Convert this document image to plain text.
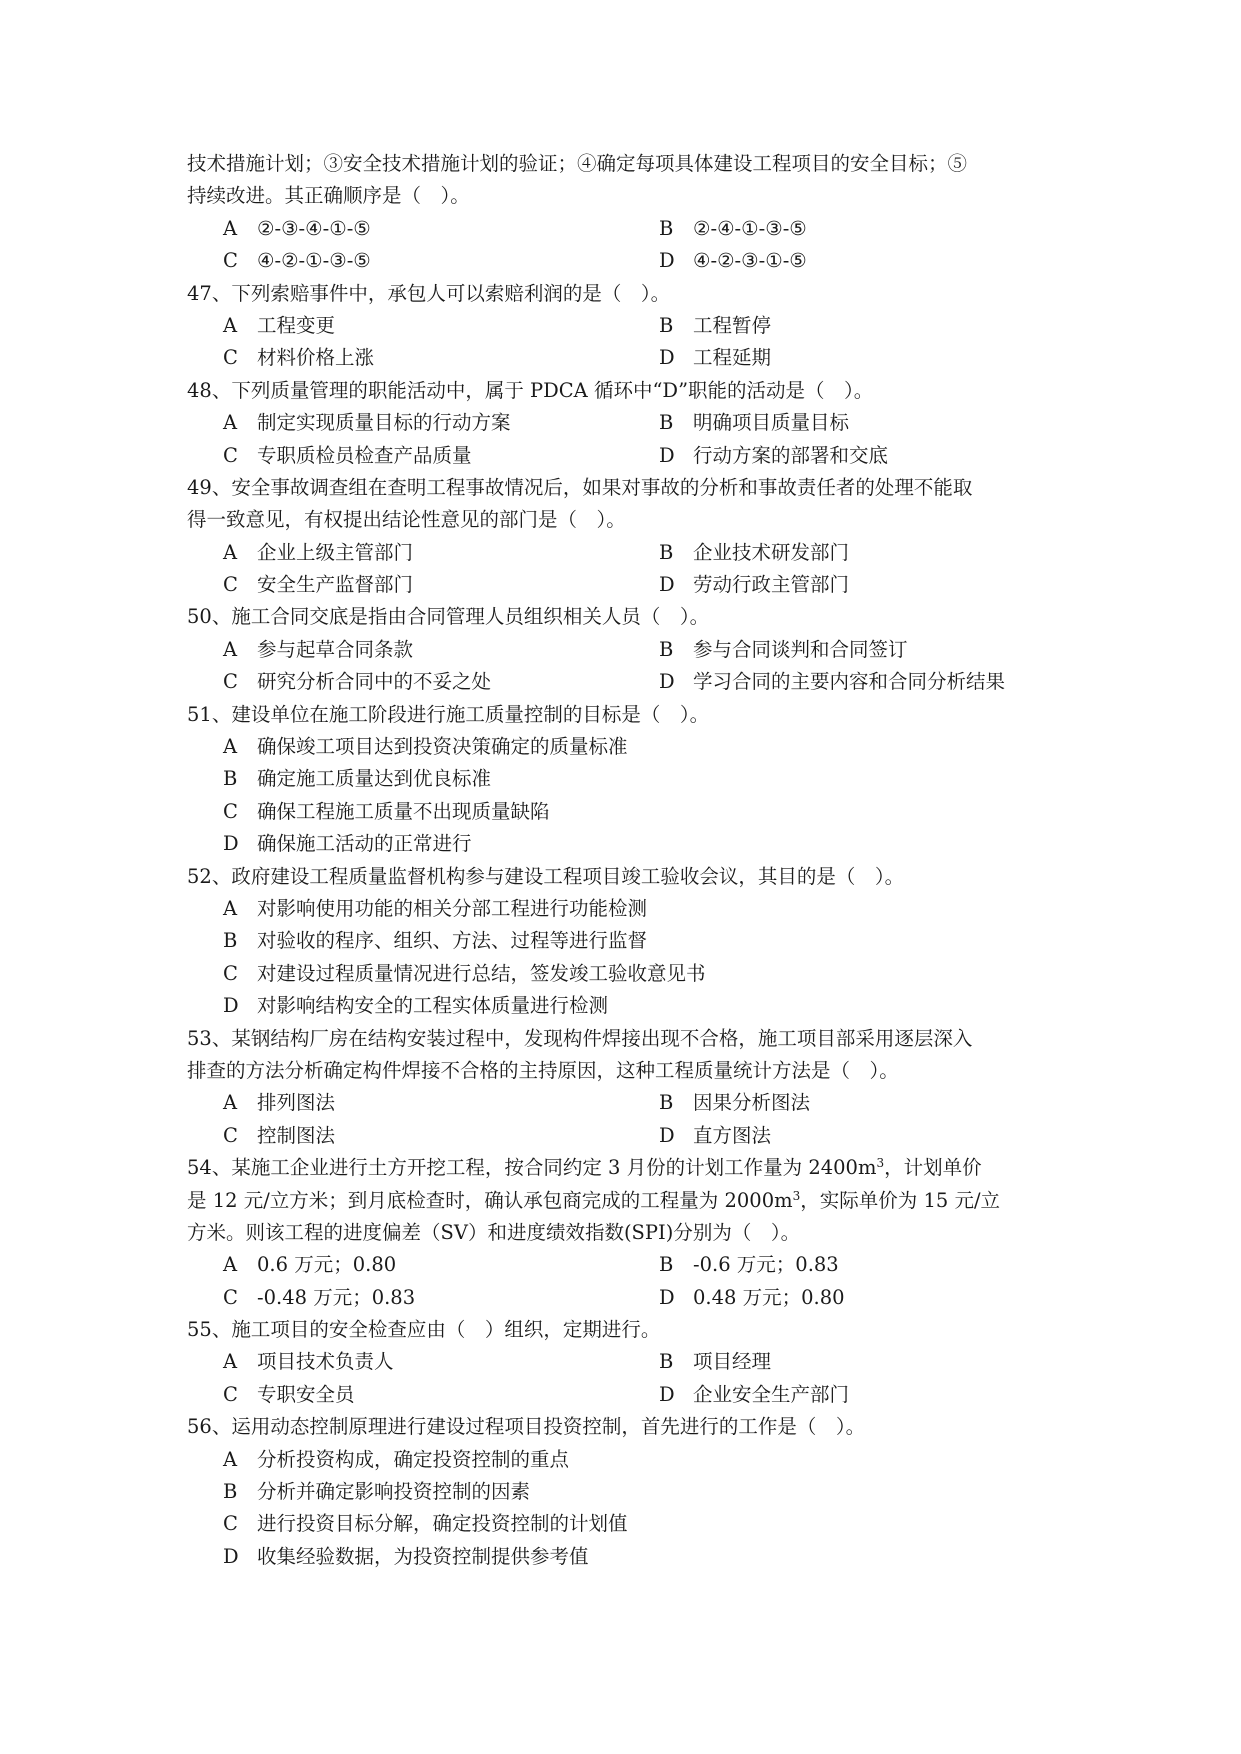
技术措施计划；③安全技术措施计划的验证；④确定每项具体建设工程项目的安全目标；⑤
持续改进。其正确顺序是（　）。
A ②-③-④-①-⑤	B ②-④-①-③-⑤
C ④-②-①-③-⑤	D ④-②-③-①-⑤
47、下列索赔事件中，承包人可以索赔利润的是（　）。
A 工程变更	B 工程暂停
C 材料价格上涨	D 工程延期
48、下列质量管理的职能活动中，属于 PDCA 循环中“D”职能的活动是（　）。
A 制定实现质量目标的行动方案	B 明确项目质量目标
C 专职质检员检查产品质量	D 行动方案的部署和交底
49、安全事故调查组在查明工程事故情况后，如果对事故的分析和事故责任者的处理不能取
得一致意见，有权提出结论性意见的部门是（　）。
A 企业上级主管部门	B 企业技术研发部门
C 安全生产监督部门	D 劳动行政主管部门
50、施工合同交底是指由合同管理人员组织相关人员（　）。
A 参与起草合同条款	B 参与合同谈判和合同签订
C 研究分析合同中的不妥之处	D 学习合同的主要内容和合同分析结果
51、建设单位在施工阶段进行施工质量控制的目标是（　）。
A 确保竣工项目达到投资决策确定的质量标准
B 确定施工质量达到优良标准
C 确保工程施工质量不出现质量缺陷
D 确保施工活动的正常进行
52、政府建设工程质量监督机构参与建设工程项目竣工验收会议，其目的是（　）。
A 对影响使用功能的相关分部工程进行功能检测
B 对验收的程序、组织、方法、过程等进行监督
C 对建设过程质量情况进行总结，签发竣工验收意见书
D 对影响结构安全的工程实体质量进行检测
53、某钢结构厂房在结构安装过程中，发现构件焊接出现不合格，施工项目部采用逐层深入
排查的方法分析确定构件焊接不合格的主持原因，这种工程质量统计方法是（　）。
A 排列图法	B 因果分析图法
C 控制图法	D 直方图法
54、某施工企业进行土方开挖工程，按合同约定 3 月份的计划工作量为 $2400m^3$，计划单价
是 12 元/立方米；到月底检查时，确认承包商完成的工程量为 $2000m^3$，实际单价为 15 元/立
方米。则该工程的进度偏差（SV）和进度绩效指数(SPI)分别为（　）。
A 0.6 万元；0.80	B -0.6 万元；0.83
C -0.48 万元；0.83	D 0.48 万元；0.80
55、施工项目的安全检查应由（　）组织，定期进行。
A 项目技术负责人	B 项目经理
C 专职安全员	D 企业安全生产部门
56、运用动态控制原理进行建设过程项目投资控制，首先进行的工作是（　）。
A 分析投资构成，确定投资控制的重点
B 分析并确定影响投资控制的因素
C 进行投资目标分解，确定投资控制的计划值
D 收集经验数据，为投资控制提供参考值
